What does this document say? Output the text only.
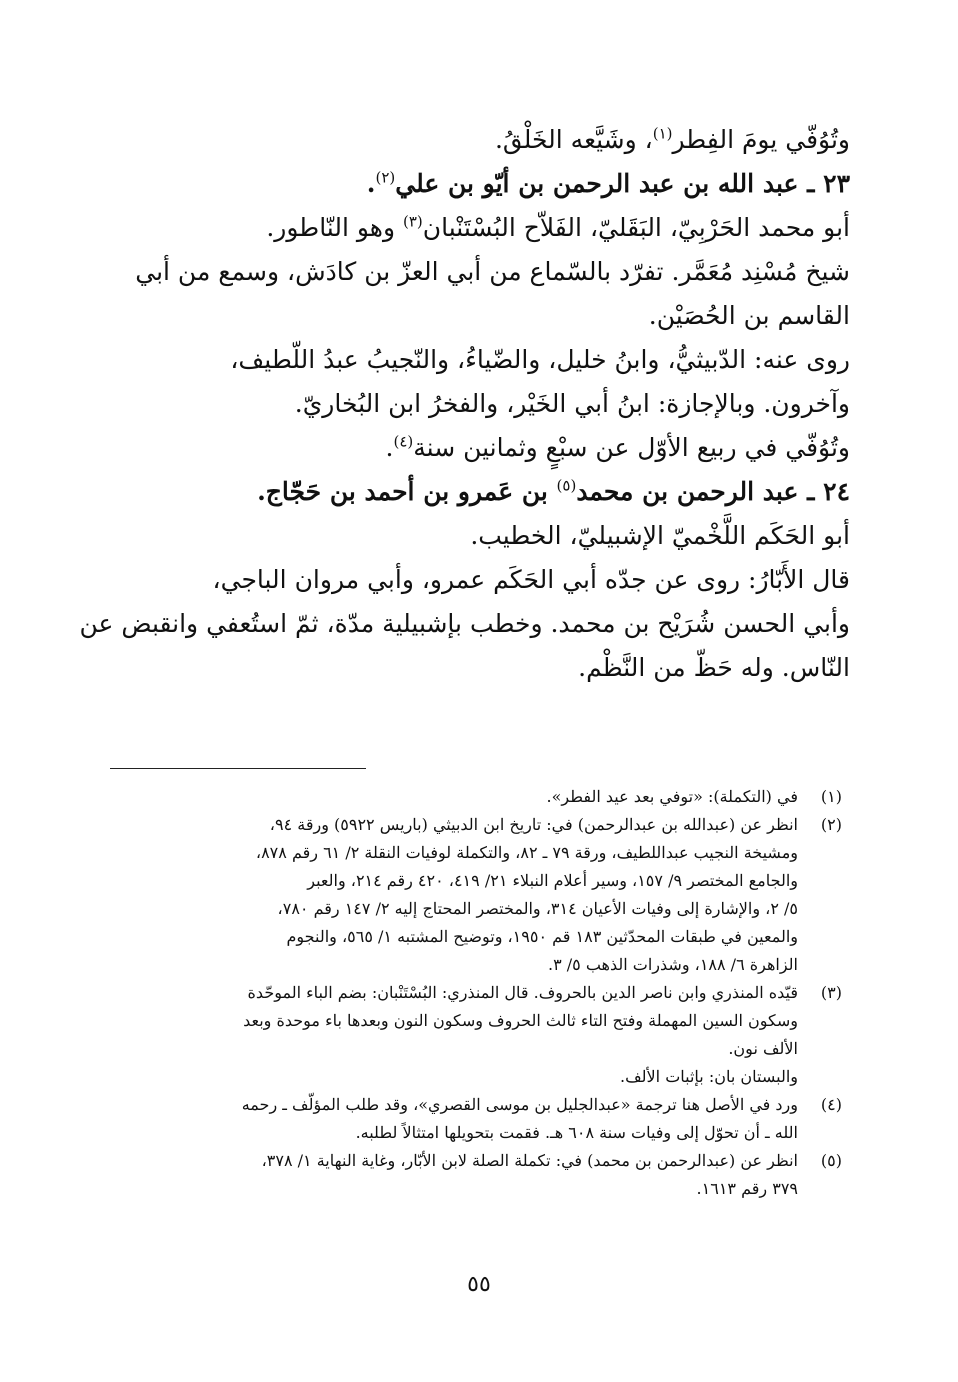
وتُوُفّي يومَ الفِطر$^{(١)}$، وشَيَّعه الخَلْقُ.
٢٣ ـ عبد الله بن عبد الرحمن بن أيّو بن علي$^{(٢)}$.
أبو محمد الحَرْبِيّ، البَقَليّ، الفَلاّح البُسْتَنْبان$^{(٣)}$ وهو النّاطور.
شيخ مُسْنِد مُعَمَّر. تفرّد بالسّماع من أبي العزّ بن كادَش، وسمع من أبي
القاسم بن الحُصَيْن.
روى عنه: الدّبيثيُّ، وابنُ خليل، والضّياءُ، والنّجيبُ عبدُ اللّطيف،
وآخرون. وبالإجازة: ابنُ أبي الخَيْر، والفخرُ ابن البُخاريّ.
وتُوُفّي في ربيع الأوّل عن سبْعٍ وثمانين سنة$^{(٤)}$.
٢٤ ـ عبد الرحمن بن محمد$^{(٥)}$ بن عَمرو بن أحمد بن حَجّاج.
أبو الحَكَم اللَّخْميّ الإشبيليّ، الخطيب.
قال الأَبّارُ: روى عن جدّه أبي الحَكَم عمرو، وأبي مروان الباجي،
وأبي الحسن شُرَيْح بن محمد. وخطب بإشبيلية مدّة، ثمّ استُعفي وانقبض عن
النّاس. وله حَظّ من النَّظْم.
(١)
في (التكملة): «توفي بعد عيد الفطر».
(٢)
انظر عن (عبدالله بن عبدالرحمن) في: تاريخ ابن الدبيثي (باريس ٥٩٢٢) ورقة ٩٤،
ومشيخة النجيب عبداللطيف، ورقة ٧٩ ـ ٨٢، والتكملة لوفيات النقلة ٢/ ٦١ رقم ٨٧٨،
والجامع المختصر ٩/ ١٥٧، وسير أعلام النبلاء ٢١/ ٤١٩، ٤٢٠ رقم ٢١٤، والعبر
٥/ ٢، والإشارة إلى وفيات الأعيان ٣١٤، والمختصر المحتاج إليه ٢/ ١٤٧ رقم ٧٨٠،
والمعين في طبقات المحدّثين ١٨٣ قم ١٩٥٠، وتوضيح المشتبه ١/ ٥٦٥، والنجوم
الزاهرة ٦/ ١٨٨، وشذرات الذهب ٥/ ٣.
(٣)
قيّده المنذري وابن ناصر الدين بالحروف. قال المنذري: البُسْتَنْبان: بضم الباء الموحّدة
وسكون السين المهملة وفتح التاء ثالث الحروف وسكون النون وبعدها باء موحدة وبعد
الألف نون.
والبستان بان: بإثبات الألف.
(٤)
ورد في الأصل هنا ترجمة «عبدالجليل بن موسى القصري»، وقد طلب المؤلّف ـ رحمه
الله ـ أن تحوّل إلى وفيات سنة ٦٠٨ هـ. فقمت بتحويلها امتثالاً لطلبه.
(٥)
انظر عن (عبدالرحمن بن محمد) في: تكملة الصلة لابن الأبّار، وغاية النهاية ١/ ٣٧٨،
٣٧٩ رقم ١٦١٣.
٥٥
